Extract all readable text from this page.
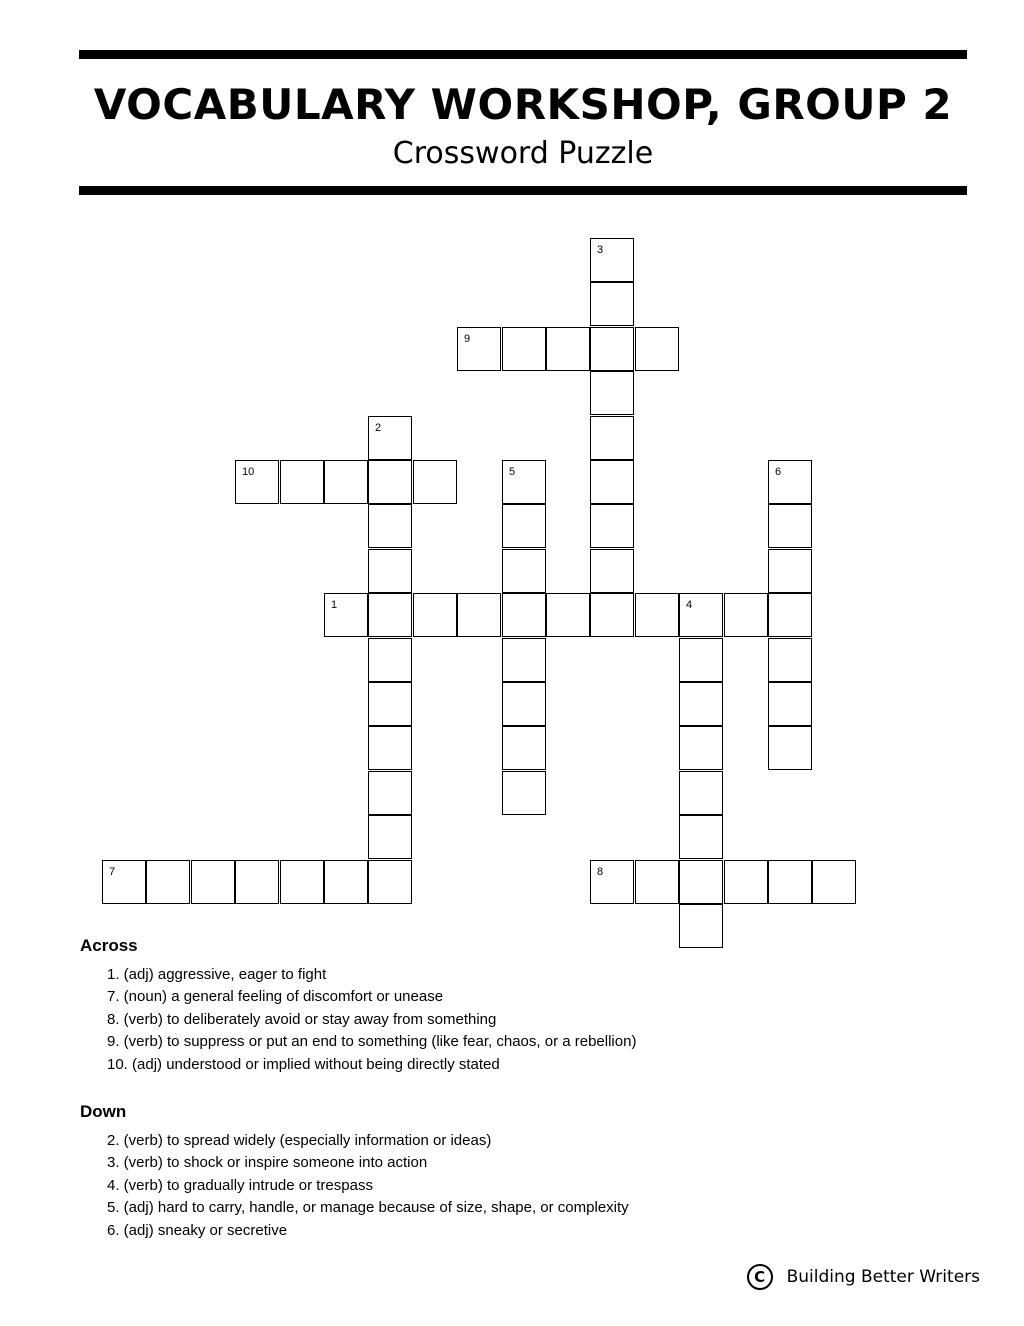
VOCABULARY WORKSHOP, GROUP 2
Crossword Puzzle
1	4
7	8
9
10
2
3
5	6
Across
1. (adj) aggressive, eager to fight
7. (noun) a general feeling of discomfort or unease
8. (verb) to deliberately avoid or stay away from something
9. (verb) to suppress or put an end to something (like fear, chaos, or a rebellion)
10. (adj) understood or implied without being directly stated
Down
2. (verb) to spread widely (especially information or ideas)
3. (verb) to shock or inspire someone into action
4. (verb) to gradually intrude or trespass
5. (adj) hard to carry, handle, or manage because of size, shape, or complexity
6. (adj) sneaky or secretive
C	Building Better Writers
